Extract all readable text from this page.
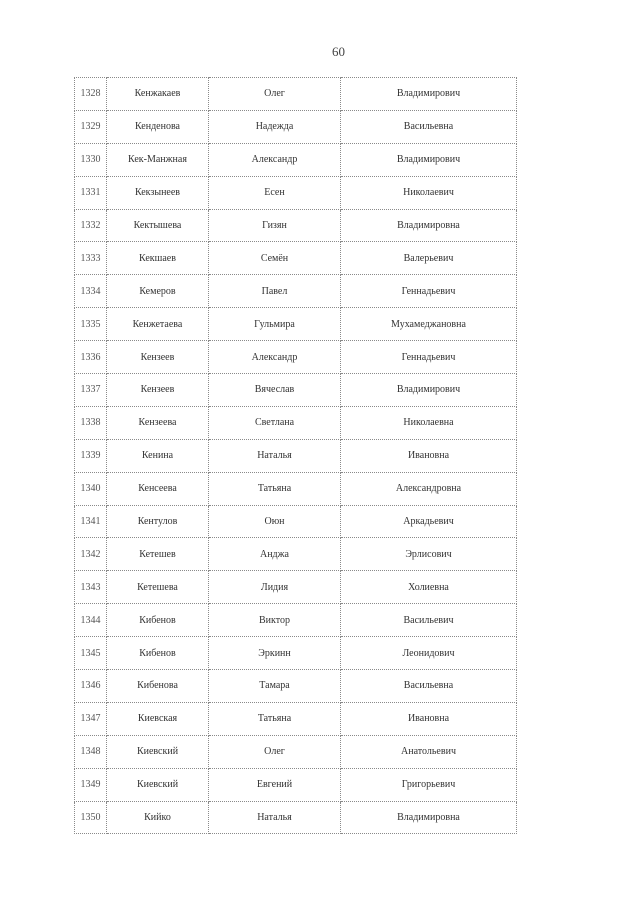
60
1328	Кенжакаев	Олег	Владимирович
1329	Кенденова	Надежда	Васильевна
1330	Кек-Манжная	Александр	Владимирович
1331	Кекзынеев	Есен	Николаевич
1332	Кектышева	Гизян	Владимировна
1333	Кекшаев	Семён	Валерьевич
1334	Кемеров	Павел	Геннадьевич
1335	Кенжетаева	Гульмира	Мухамеджановна
1336	Кензеев	Александр	Геннадьевич
1337	Кензеев	Вячеслав	Владимирович
1338	Кензеева	Светлана	Николаевна
1339	Кенина	Наталья	Ивановна
1340	Кенсеева	Татьяна	Александровна
1341	Кентулов	Оюн	Аркадьевич
1342	Кетешев	Анджа	Эрлисович
1343	Кетешева	Лидия	Холиевна
1344	Кибенов	Виктор	Васильевич
1345	Кибенов	Эркинн	Леонидович
1346	Кибенова	Тамара	Васильевна
1347	Киевская	Татьяна	Ивановна
1348	Киевский	Олег	Анатольевич
1349	Киевский	Евгений	Григорьевич
1350	Кийко	Наталья	Владимировна
